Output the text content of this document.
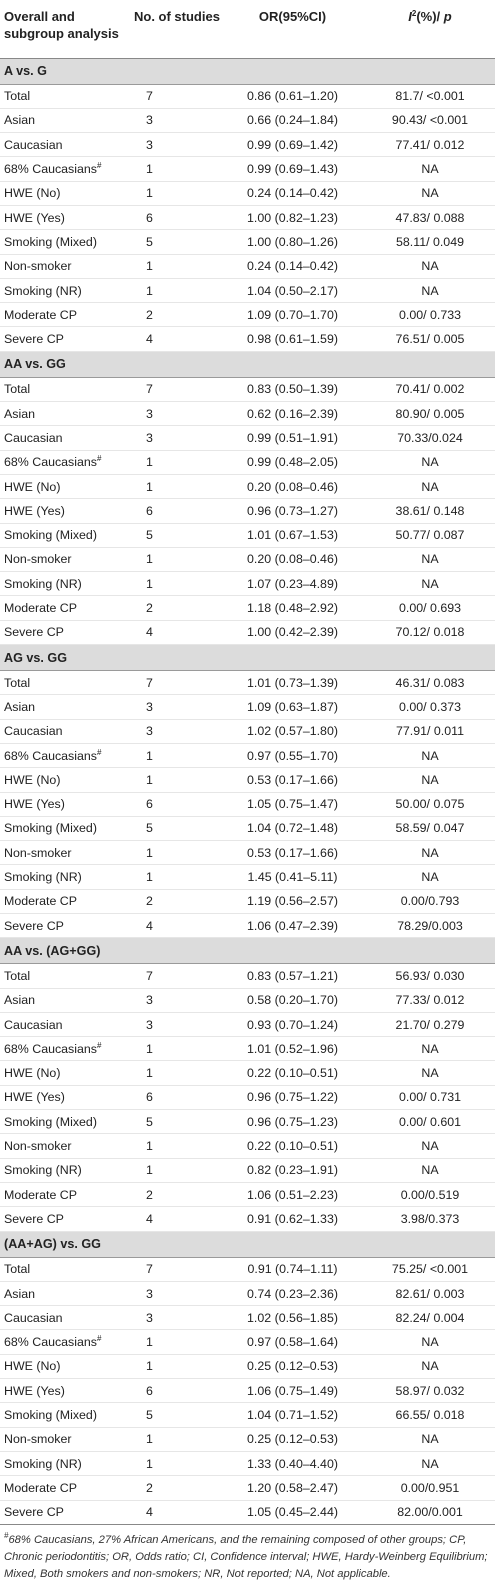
Overall and subgroup analysis	No. of studies	OR(95%CI)	$I^2(\%)/$ p
A vs. G			
Total	7	0.86 (0.61–1.20)	81.7/ <0.001
Asian	3	0.66 (0.24–1.84)	90.43/ <0.001
Caucasian	3	0.99 (0.69–1.42)	77.41/ 0.012
68% Caucasians#	1	0.99 (0.69–1.43)	NA
HWE (No)	1	0.24 (0.14–0.42)	NA
HWE (Yes)	6	1.00 (0.82–1.23)	47.83/ 0.088
Smoking (Mixed)	5	1.00 (0.80–1.26)	58.11/ 0.049
Non-smoker	1	0.24 (0.14–0.42)	NA
Smoking (NR)	1	1.04 (0.50–2.17)	NA
Moderate CP	2	1.09 (0.70–1.70)	0.00/ 0.733
Severe CP	4	0.98 (0.61–1.59)	76.51/ 0.005
AA vs. GG			
Total	7	0.83 (0.50–1.39)	70.41/ 0.002
Asian	3	0.62 (0.16–2.39)	80.90/ 0.005
Caucasian	3	0.99 (0.51–1.91)	70.33/0.024
68% Caucasians#	1	0.99 (0.48–2.05)	NA
HWE (No)	1	0.20 (0.08–0.46)	NA
HWE (Yes)	6	0.96 (0.73–1.27)	38.61/ 0.148
Smoking (Mixed)	5	1.01 (0.67–1.53)	50.77/ 0.087
Non-smoker	1	0.20 (0.08–0.46)	NA
Smoking (NR)	1	1.07 (0.23–4.89)	NA
Moderate CP	2	1.18 (0.48–2.92)	0.00/ 0.693
Severe CP	4	1.00 (0.42–2.39)	70.12/ 0.018
AG vs. GG			
Total	7	1.01 (0.73–1.39)	46.31/ 0.083
Asian	3	1.09 (0.63–1.87)	0.00/ 0.373
Caucasian	3	1.02 (0.57–1.80)	77.91/ 0.011
68% Caucasians#	1	0.97 (0.55–1.70)	NA
HWE (No)	1	0.53 (0.17–1.66)	NA
HWE (Yes)	6	1.05 (0.75–1.47)	50.00/ 0.075
Smoking (Mixed)	5	1.04 (0.72–1.48)	58.59/ 0.047
Non-smoker	1	0.53 (0.17–1.66)	NA
Smoking (NR)	1	1.45 (0.41–5.11)	NA
Moderate CP	2	1.19 (0.56–2.57)	0.00/0.793
Severe CP	4	1.06 (0.47–2.39)	78.29/0.003
AA vs. (AG+GG)			
Total	7	0.83 (0.57–1.21)	56.93/ 0.030
Asian	3	0.58 (0.20–1.70)	77.33/ 0.012
Caucasian	3	0.93 (0.70–1.24)	21.70/ 0.279
68% Caucasians#	1	1.01 (0.52–1.96)	NA
HWE (No)	1	0.22 (0.10–0.51)	NA
HWE (Yes)	6	0.96 (0.75–1.22)	0.00/ 0.731
Smoking (Mixed)	5	0.96 (0.75–1.23)	0.00/ 0.601
Non-smoker	1	0.22 (0.10–0.51)	NA
Smoking (NR)	1	0.82 (0.23–1.91)	NA
Moderate CP	2	1.06 (0.51–2.23)	0.00/0.519
Severe CP	4	0.91 (0.62–1.33)	3.98/0.373
(AA+AG) vs. GG			
Total	7	0.91 (0.74–1.11)	75.25/ <0.001
Asian	3	0.74 (0.23–2.36)	82.61/ 0.003
Caucasian	3	1.02 (0.56–1.85)	82.24/ 0.004
68% Caucasians#	1	0.97 (0.58–1.64)	NA
HWE (No)	1	0.25 (0.12–0.53)	NA
HWE (Yes)	6	1.06 (0.75–1.49)	58.97/ 0.032
Smoking (Mixed)	5	1.04 (0.71–1.52)	66.55/ 0.018
Non-smoker	1	0.25 (0.12–0.53)	NA
Smoking (NR)	1	1.33 (0.40–4.40)	NA
Moderate CP	2	1.20 (0.58–2.47)	0.00/0.951
Severe CP	4	1.05 (0.45–2.44)	82.00/0.001
#68% Caucasians, 27% African Americans, and the remaining composed of other groups; CP, Chronic periodontitis; OR, Odds ratio; CI, Confidence interval; HWE, Hardy-Weinberg Equilibrium; Mixed, Both smokers and non-smokers; NR, Not reported; NA, Not applicable.
